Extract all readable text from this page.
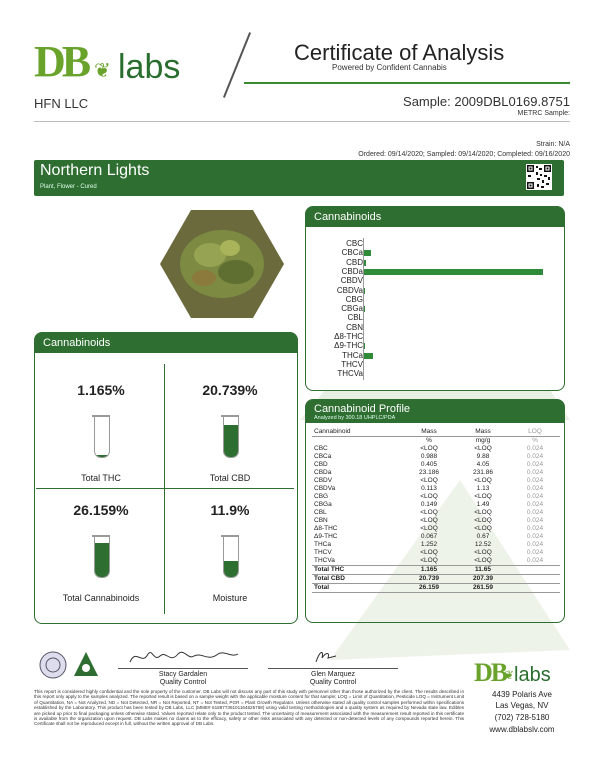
DB ❦ labs	Certificate of Analysis
Powered by Confident Cannabis
HFN LLC	Sample: 2009DBL0169.8751
METRC Sample:
Strain: N/A
Ordered: 09/14/2020; Sampled: 09/14/2020; Completed: 09/16/2020
Northern Lights
Plant, Flower - Cured
Cannabinoids
CBC
CBCa
CBD
CBDa
CBDV
CBDVa
CBG
CBGa
CBL
CBN
Δ8-THC
Δ9-THC
THCa
THCV
THCVa
Cannabinoids
1.165%	20.739%
26.159%	11.9%
Total THC	Total CBD
Total Cannabinoids	Moisture
Cannabinoid Profile
Analyzed by 300.18 UHPLC/PDA
Cannabinoid	Mass	Mass	LOQ
	%	mg/g	%
CBC	<LOQ	<LOQ	0.024
CBCa	0.988	9.88	0.024
CBD	0.405	4.05	0.024
CBDa	23.186	231.86	0.024
CBDV	<LOQ	<LOQ	0.024
CBDVa	0.113	1.13	0.024
CBG	<LOQ	<LOQ	0.024
CBGa	0.149	1.49	0.024
CBL	<LOQ	<LOQ	0.024
CBN	<LOQ	<LOQ	0.024
Δ8-THC	<LOQ	<LOQ	0.024
Δ9-THC	0.067	0.67	0.024
THCa	1.252	12.52	0.024
THCV	<LOQ	<LOQ	0.024
THCVa	<LOQ	<LOQ	0.024
Total THC	1.165	11.65	
Total CBD	20.739	207.39	
Total	26.159	261.59	
Stacy Gardalen
Quality Control
Glen Marquez
Quality Control
This report is considered highly confidential and the sole property of the customer. DB Labs will not discuss any part of this study with personnel other than those authorized by the client. The results described in this report only apply to the samples analyzed. The reported result is based on a sample weight with the applicable moisture content for that sample; LOQ = Limit of Quantitation, Pesticide LOQ = Instrument Limit of Quantitation, NA = Not Analyzed, ND = Not Detected, NR = Not Reported, NT = Not Tested, PGR = Plant Growth Regulator. Unless otherwise stated all quality control samples performed within specifications established by the Laboratory. This product has been tested by DB Labs, LLC (MME# 61887736101164525768) using valid testing methodologies and a quality system as required by Nevada state law. Edibles are picked up prior to final packaging unless otherwise stated. Values reported relate only to the product tested. The uncertainty of measurement associated with the measurement result reported in this certificate is available from the organization upon request. DB Labs makes no claims as to the efficacy, safety or other risks associated with any detected or non-detected levels of any compounds reported herein. This Certificate shall not be reproduced except in full, without the written approval of DB Labs.
DB
❦ labs
4439 Polaris Ave
Las Vegas, NV
(702) 728-5180
www.dblabslv.com
